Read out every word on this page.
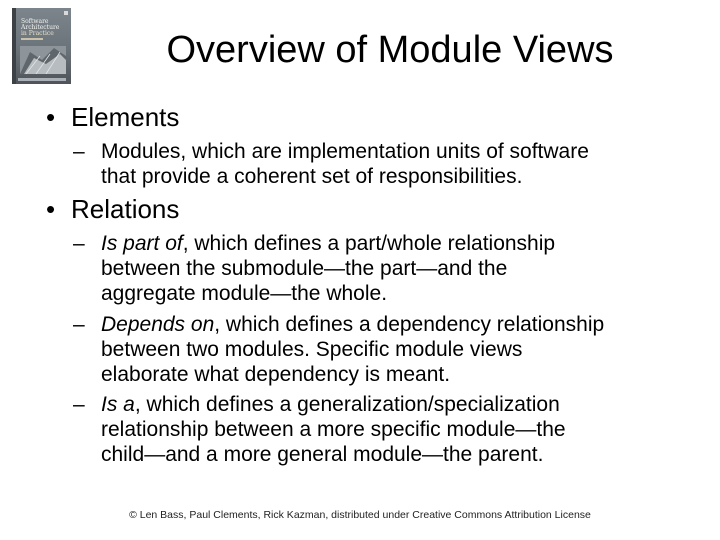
Software
Architecture
in Practice	Overview of Module Views
• Elements
– Modules, which are implementation units of software
that provide a coherent set of responsibilities.
• Relations
– Is part of, which defines a part/whole relationship
between the submodule—the part—and the
aggregate module—the whole.
– Depends on, which defines a dependency relationship
between two modules. Specific module views
elaborate what dependency is meant.
– Is a, which defines a generalization/specialization
relationship between a more specific module—the
child—and a more general module—the parent.
© Len Bass, Paul Clements, Rick Kazman, distributed under Creative Commons Attribution License
